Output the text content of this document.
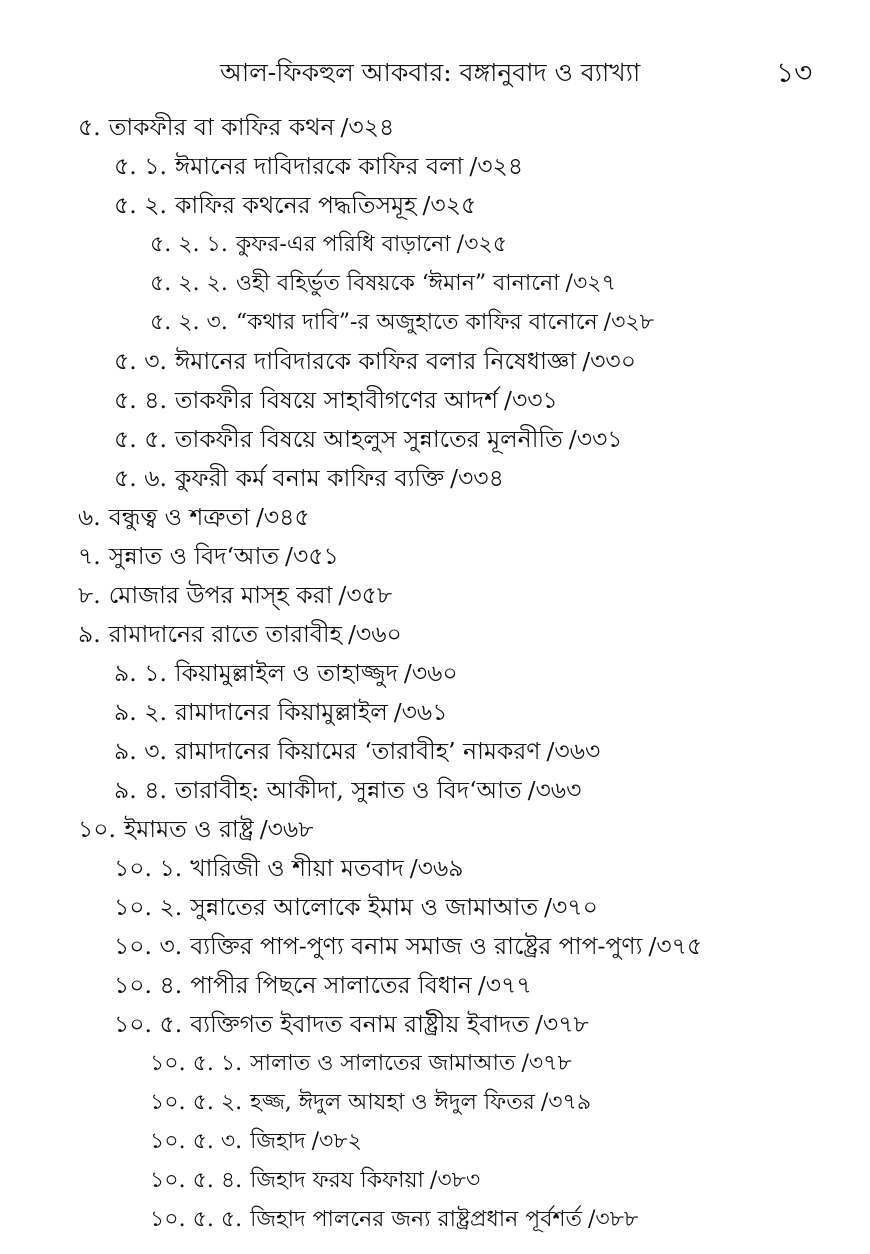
আল-ফিকহুল আকবার: বঙ্গানুবাদ ও ব্যাখ্যা	১৩
৫. তাকফীর বা কাফির কথন /৩২৪
৫. ১. ঈমানের দাবিদারকে কাফির বলা /৩২৪
৫. ২. কাফির কথনের পদ্ধতিসমূহ /৩২৫
৫. ২. ১. কুফর-এর পরিধি বাড়ানো /৩২৫
৫. ২. ২. ওহী বহির্ভুত বিষয়কে ‘ঈমান” বানানো /৩২৭
৫. ২. ৩. “কথার দাবি”-র অজুহাতে কাফির বানোনে /৩২৮
৫. ৩. ঈমানের দাবিদারকে কাফির বলার নিষেধাজ্ঞা /৩৩০
৫. ৪. তাকফীর বিষয়ে সাহাবীগণের আদর্শ /৩৩১
৫. ৫. তাকফীর বিষয়ে আহলুস সুন্নাতের মূলনীতি /৩৩১
৫. ৬. কুফরী কর্ম বনাম কাফির ব্যক্তি /৩৩৪
৬. বন্ধুত্ব ও শত্রুতা /৩৪৫
৭. সুন্নাত ও বিদ‘আত /৩৫১
৮. মোজার উপর মাস্‌হ করা /৩৫৮
৯. রামাদানের রাতে তারাবীহ /৩৬০
৯. ১. কিয়ামুল্লাইল ও তাহাজ্জুদ /৩৬০
৯. ২. রামাদানের কিয়ামুল্লাইল /৩৬১
৯. ৩. রামাদানের কিয়ামের ‘তারাবীহ’ নামকরণ /৩৬৩
৯. ৪. তারাবীহ: আকীদা, সুন্নাত ও বিদ‘আত /৩৬৩
১০. ইমামত ও রাষ্ট্র /৩৬৮
১০. ১. খারিজী ও শীয়া মতবাদ /৩৬৯
১০. ২. সুন্নাতের আলোকে ইমাম ও জামাআত /৩৭০
১০. ৩. ব্যক্তির পাপ-পুণ্য বনাম সমাজ ও রাষ্ট্রের পাপ-পুণ্য /৩৭৫
১০. ৪. পাপীর পিছনে সালাতের বিধান /৩৭৭
১০. ৫. ব্যক্তিগত ইবাদত বনাম রাষ্ট্রীয় ইবাদত /৩৭৮
১০. ৫. ১. সালাত ও সালাতের জামাআত /৩৭৮
১০. ৫. ২. হজ্জ, ঈদুল আযহা ও ঈদুল ফিতর /৩৭৯
১০. ৫. ৩. জিহাদ /৩৮২
১০. ৫. ৪. জিহাদ ফরয কিফায়া /৩৮৩
১০. ৫. ৫. জিহাদ পালনের জন্য রাষ্ট্রপ্রধান পূর্বশর্ত /৩৮৮
